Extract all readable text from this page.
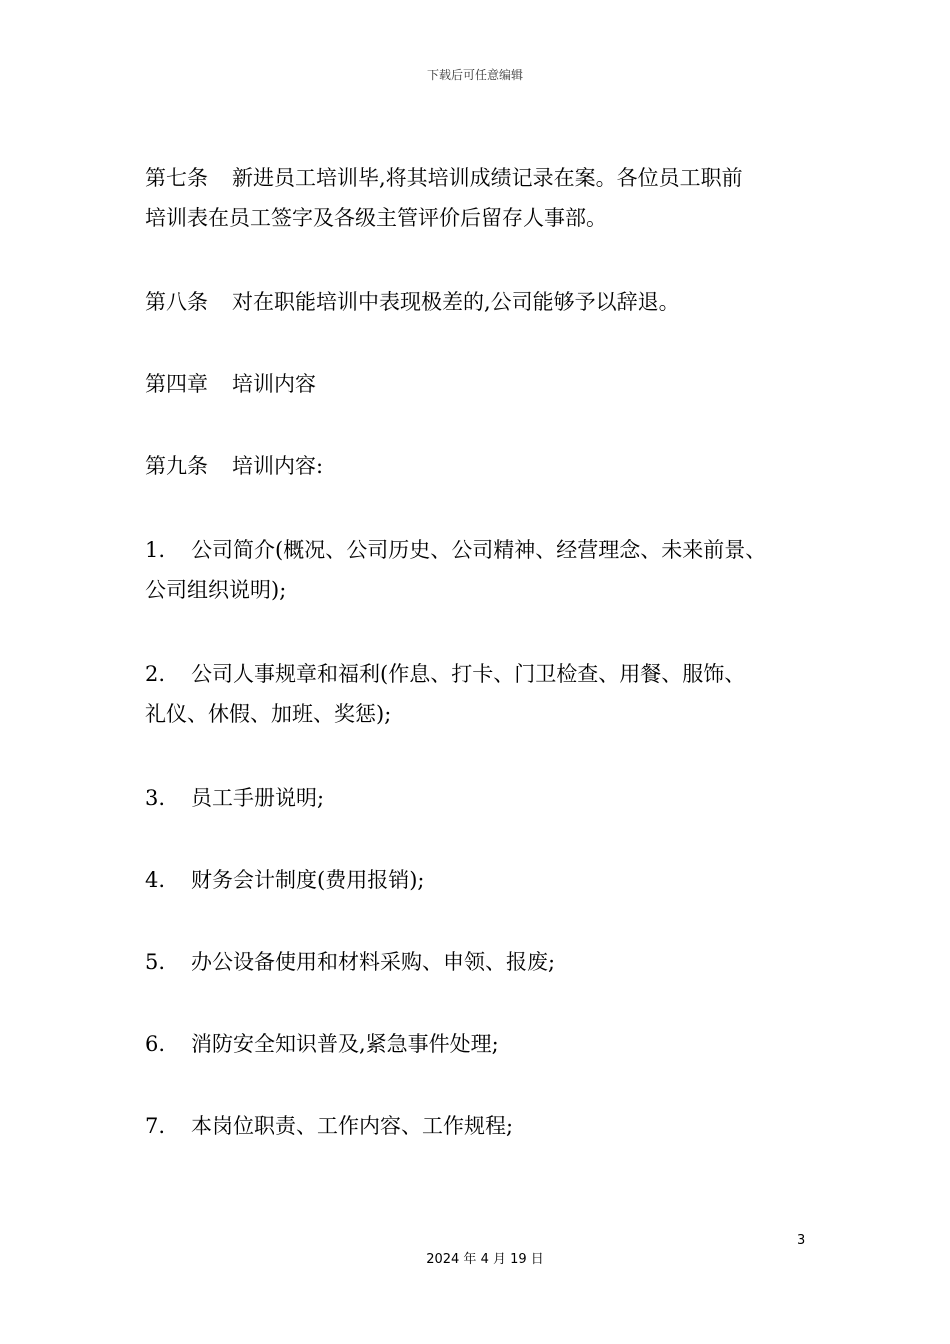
下载后可任意编辑
第七条 新进员工培训毕,将其培训成绩记录在案。各位员工职前
培训表在员工签字及各级主管评价后留存人事部。
第八条 对在职能培训中表现极差的,公司能够予以辞退。
第四章 培训内容
第九条 培训内容:
1. 公司简介(概况、公司历史、公司精神、经营理念、未来前景、
公司组织说明);
2. 公司人事规章和福利(作息、打卡、门卫检查、用餐、服饰、
礼仪、休假、加班、奖惩);
3. 员工手册说明;
4. 财务会计制度(费用报销);
5. 办公设备使用和材料采购、申领、报废;
6. 消防安全知识普及,紧急事件处理;
7. 本岗位职责、工作内容、工作规程;
3
2024 年 4 月 19 日
